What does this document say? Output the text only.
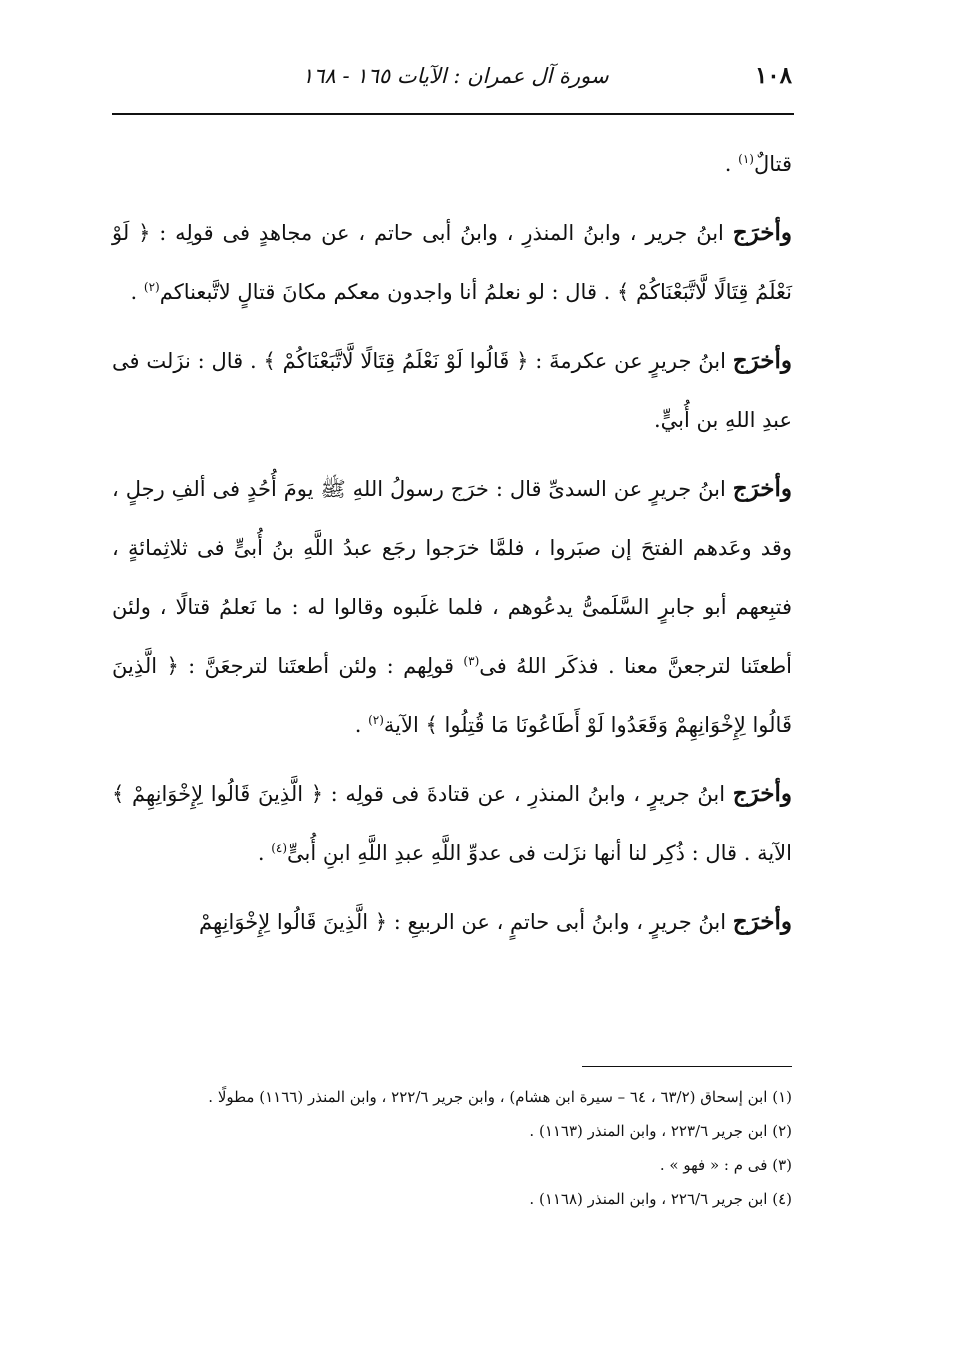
١٠٨
سورة آل عمران : الآيات ١٦٥ - ١٦٨

قتالٌ$^{(١)}$ .

وأخرَج ابنُ جرير ، وابنُ المنذرِ ، وابنُ أبى حاتم ، عن مجاهدٍ فى قولِه : ﴿ لَوْ نَعْلَمُ قِتَالًا لَّاتَّبَعْنَاكُمْ ﴾ . قال : لو نعلمُ أنا واجدون معكم مكانَ قتالٍ لاتَّبعناكم$^{(٢)}$ .

وأخرَج ابنُ جريرٍ عن عكرمةَ : ﴿ قَالُوا لَوْ نَعْلَمُ قِتَالًا لَّاتَّبَعْنَاكُمْ ﴾ . قال : نزَلت فى عبدِ اللهِ بن أُبيٍّ.

وأخرَج ابنُ جريرٍ عن السدىِّ قال : خرَج رسولُ اللهِ ﷺ يومَ أُحُدٍ فى ألفِ رجلٍ ، وقد وعَدهم الفتحَ إن صبَروا ، فلمَّا خرَجوا رجَع عبدُ اللَّهِ بنُ أُبىٍّ فى ثلاثِمائةٍ ، فتبِعهم أبو جابرٍ السَّلَمىُّ يدعُوهم ، فلما غلَبوه وقالوا له : ما نَعلمُ قتالًا ، ولئن أطعتَنا لترجعنَّ معنا . فذكَر اللهُ فى$^{(٣)}$ قولِهم : ولئن أطعتَنا لترجعَنَّ : ﴿ الَّذِينَ قَالُوا لِإِخْوَانِهِمْ وَقَعَدُوا لَوْ أَطَاعُونَا مَا قُتِلُوا ﴾ الآية$^{(٢)}$ .

وأخرَج ابنُ جريرٍ ، وابنُ المنذرِ ، عن قتادةَ فى قولِه : ﴿ الَّذِينَ قَالُوا لِإِخْوَانِهِمْ ﴾ الآية . قال : ذُكِر لنا أنها نزَلت فى عدوِّ اللَّهِ عبدِ اللَّهِ ابنِ أُبىٍّ$^{(٤)}$ .

وأخرَج ابنُ جريرٍ ، وابنُ أبى حاتمٍ ، عن الربيعِ : ﴿ الَّذِينَ قَالُوا لِإِخْوَانِهِمْ

(١) ابن إسحاق (٦٣/٢ ، ٦٤ – سيرة ابن هشام) ، وابن جرير ٢٢٢/٦ ، وابن المنذر (١١٦٦) مطولًا .

(٢) ابن جرير ٢٢٣/٦ ، وابن المنذر (١١٦٣) .

(٣) فى م : « فهو » .

(٤) ابن جرير ٢٢٦/٦ ، وابن المنذر (١١٦٨) .
